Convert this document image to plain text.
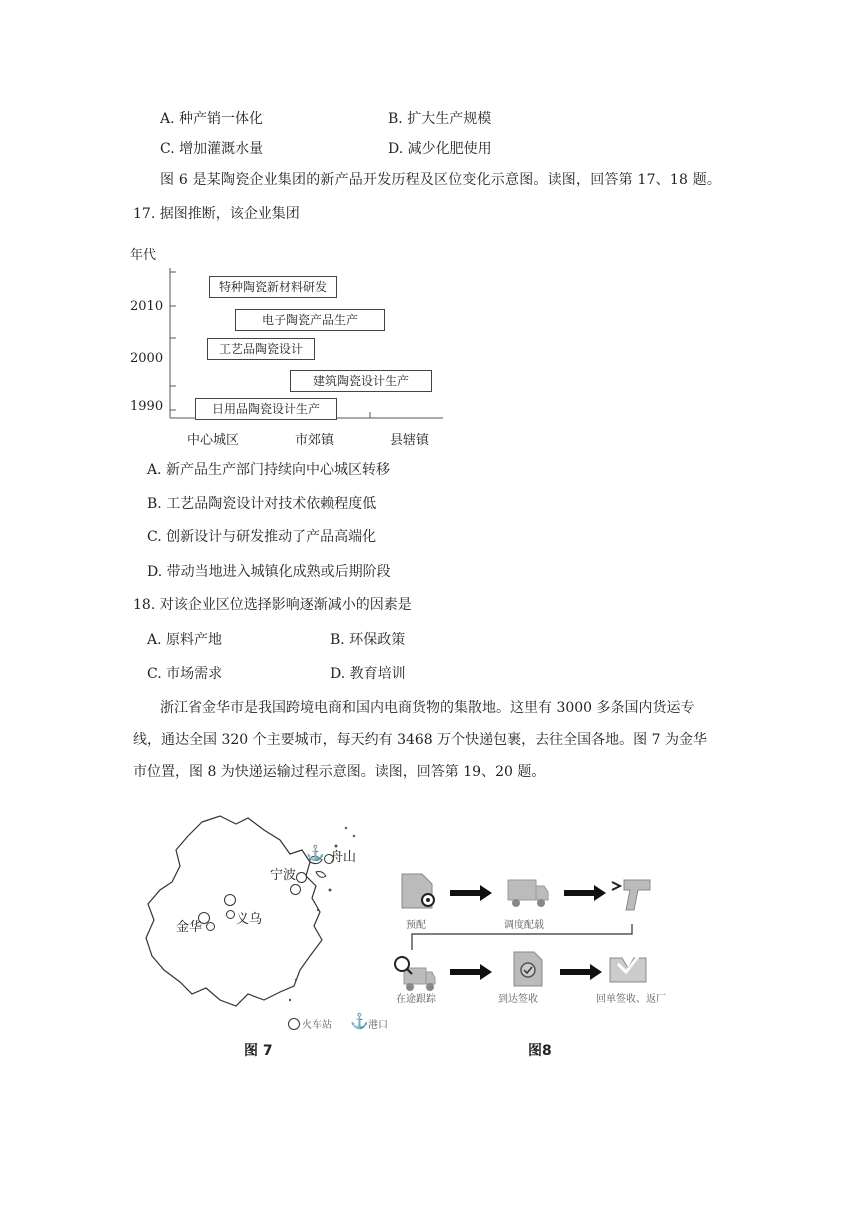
A. 种产销一体化	B. 扩大生产规模
C. 增加灌溉水量	D. 减少化肥使用
图 6 是某陶瓷企业集团的新产品开发历程及区位变化示意图。读图，回答第 17、18 题。
17. 据图推断，该企业集团
年代
2010
2000
1990
特种陶瓷新材料研发
电子陶瓷产品生产
工艺品陶瓷设计
建筑陶瓷设计生产
日用品陶瓷设计生产
中心城区	市郊镇	县辖镇
A. 新产品生产部门持续向中心城区转移
B. 工艺品陶瓷设计对技术依赖程度低
C. 创新设计与研发推动了产品高端化
D. 带动当地进入城镇化成熟或后期阶段
18. 对该企业区位选择影响逐渐减小的因素是
A. 原料产地	B. 环保政策
C. 市场需求	D. 教育培训
浙江省金华市是我国跨境电商和国内电商货物的集散地。这里有 3000 多条国内货运专
线，通达全国 320 个主要城市，每天约有 3468 万个快递包裹，去往全国各地。图 7 为金华
市位置，图 8 为快递运输过程示意图。读图，回答第 19、20 题。
⚓ 舟山
宁波
义乌
金华
火车站 ⚓ 港口
图 7
预配	调度配载
在途跟踪	到达签收	回单签收、返厂
图8
